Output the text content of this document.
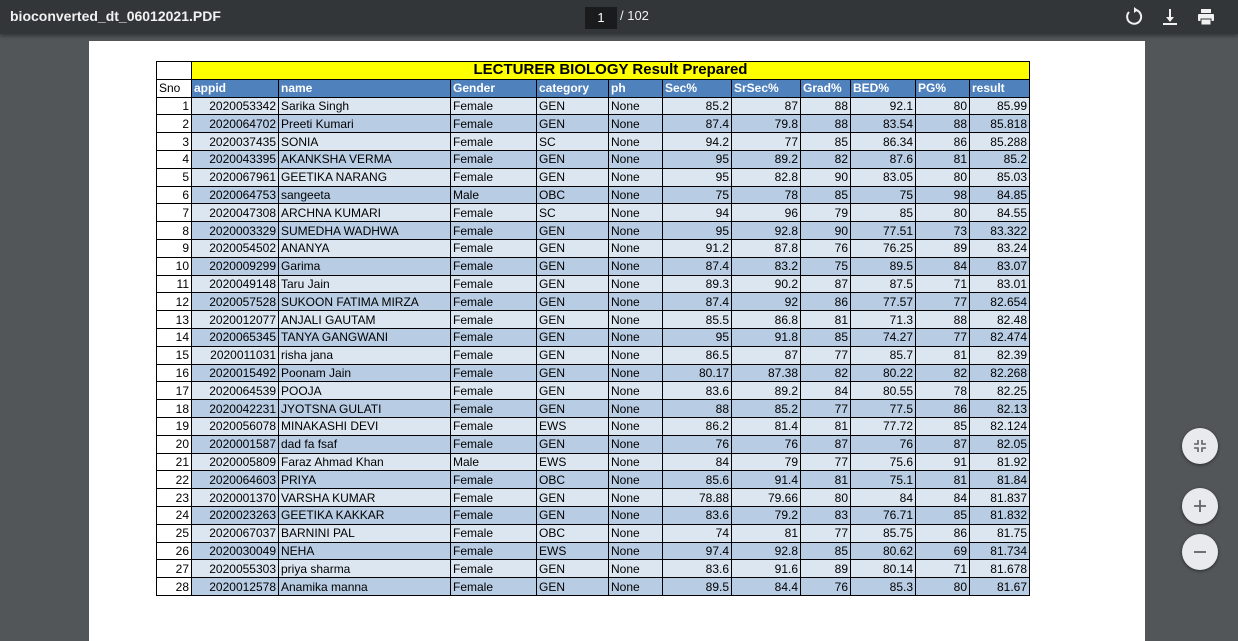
bioconverted_dt_06012021.PDF
1	/ 102
	LECTURER BIOLOGY Result Prepared										
Sno	appid	name	Gender	category	ph	Sec%	SrSec%	Grad%	BED%	PG%	result
1	2020053342	Sarika Singh	Female	GEN	None	85.2	87	88	92.1	80	85.99
2	2020064702	Preeti Kumari	Female	GEN	None	87.4	79.8	88	83.54	88	85.818
3	2020037435	SONIA	Female	SC	None	94.2	77	85	86.34	86	85.288
4	2020043395	AKANKSHA VERMA	Female	GEN	None	95	89.2	82	87.6	81	85.2
5	2020067961	GEETIKA NARANG	Female	GEN	None	95	82.8	90	83.05	80	85.03
6	2020064753	sangeeta	Male	OBC	None	75	78	85	75	98	84.85
7	2020047308	ARCHNA KUMARI	Female	SC	None	94	96	79	85	80	84.55
8	2020003329	SUMEDHA WADHWA	Female	GEN	None	95	92.8	90	77.51	73	83.322
9	2020054502	ANANYA	Female	GEN	None	91.2	87.8	76	76.25	89	83.24
10	2020009299	Garima	Female	GEN	None	87.4	83.2	75	89.5	84	83.07
11	2020049148	Taru Jain	Female	GEN	None	89.3	90.2	87	87.5	71	83.01
12	2020057528	SUKOON FATIMA MIRZA	Female	GEN	None	87.4	92	86	77.57	77	82.654
13	2020012077	ANJALI GAUTAM	Female	GEN	None	85.5	86.8	81	71.3	88	82.48
14	2020065345	TANYA GANGWANI	Female	GEN	None	95	91.8	85	74.27	77	82.474
15	2020011031	risha jana	Female	GEN	None	86.5	87	77	85.7	81	82.39
16	2020015492	Poonam Jain	Female	GEN	None	80.17	87.38	82	80.22	82	82.268
17	2020064539	POOJA	Female	GEN	None	83.6	89.2	84	80.55	78	82.25
18	2020042231	JYOTSNA GULATI	Female	GEN	None	88	85.2	77	77.5	86	82.13
19	2020056078	MINAKASHI DEVI	Female	EWS	None	86.2	81.4	81	77.72	85	82.124
20	2020001587	dad fa fsaf	Female	GEN	None	76	76	87	76	87	82.05
21	2020005809	Faraz Ahmad Khan	Male	EWS	None	84	79	77	75.6	91	81.92
22	2020064603	PRIYA	Female	OBC	None	85.6	91.4	81	75.1	81	81.84
23	2020001370	VARSHA KUMAR	Female	GEN	None	78.88	79.66	80	84	84	81.837
24	2020023263	GEETIKA KAKKAR	Female	GEN	None	83.6	79.2	83	76.71	85	81.832
25	2020067037	BARNINI PAL	Female	OBC	None	74	81	77	85.75	86	81.75
26	2020030049	NEHA	Female	EWS	None	97.4	92.8	85	80.62	69	81.734
27	2020055303	priya sharma	Female	GEN	None	83.6	91.6	89	80.14	71	81.678
28	2020012578	Anamika manna	Female	GEN	None	89.5	84.4	76	85.3	80	81.67
